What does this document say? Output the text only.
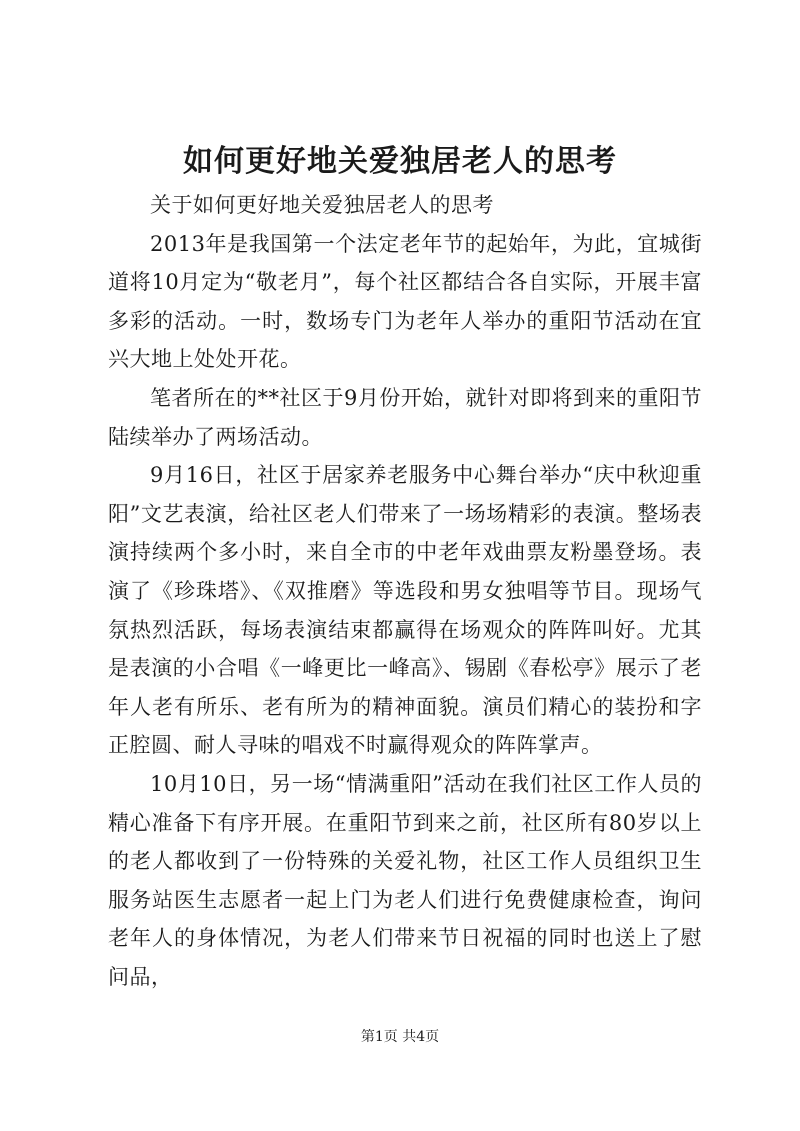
如何更好地关爱独居老人的思考

关于如何更好地关爱独居老人的思考

2013年是我国第一个法定老年节的起始年，为此，宜城街道将10月定为“敬老月”，每个社区都结合各自实际，开展丰富多彩的活动。一时，数场专门为老年人举办的重阳节活动在宜兴大地上处处开花。

笔者所在的**社区于9月份开始，就针对即将到来的重阳节陆续举办了两场活动。

9月16日，社区于居家养老服务中心舞台举办“庆中秋迎重阳”文艺表演，给社区老人们带来了一场场精彩的表演。整场表演持续两个多小时，来自全市的中老年戏曲票友粉墨登场。表演了《珍珠塔》、《双推磨》等选段和男女独唱等节目。现场气氛热烈活跃，每场表演结束都赢得在场观众的阵阵叫好。尤其是表演的小合唱《一峰更比一峰高》、锡剧《春松亭》展示了老年人老有所乐、老有所为的精神面貌。演员们精心的装扮和字正腔圆、耐人寻味的唱戏不时赢得观众的阵阵掌声。

10月10日，另一场“情满重阳”活动在我们社区工作人员的精心准备下有序开展。在重阳节到来之前，社区所有80岁以上的老人都收到了一份特殊的关爱礼物，社区工作人员组织卫生服务站医生志愿者一起上门为老人们进行免费健康检查，询问老年人的身体情况，为老人们带来节日祝福的同时也送上了慰问品，

第1页 共4页
